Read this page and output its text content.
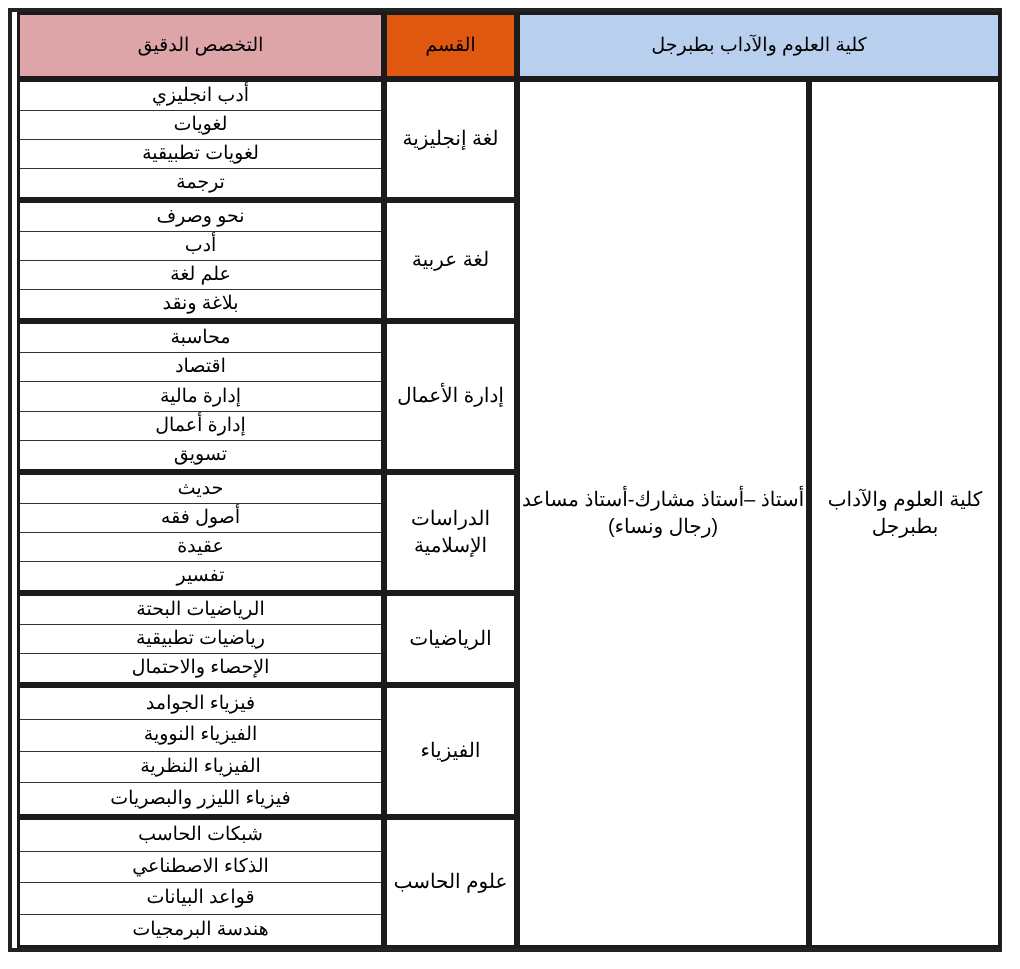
التخصص الدقيق	القسم	كلية العلوم والآداب بطبرجل
لغة إنجليزية
أدب انجليزي
لغويات
لغويات تطبيقية
ترجمة
لغة عربية
نحو وصرف
أدب
علم لغة
بلاغة ونقد
إدارة الأعمال
محاسبة
اقتصاد
إدارة مالية
إدارة أعمال
تسويق
الدراسات
الإسلامية
حديث
أصول فقه
عقيدة
تفسير
الرياضيات
الرياضيات البحتة
رياضيات تطبيقية
الإحصاء والاحتمال
الفيزياء
فيزياء الجوامد
الفيزياء النووية
الفيزياء النظرية
فيزياء الليزر والبصريات
علوم الحاسب
شبكات الحاسب
الذكاء الاصطناعي
قواعد البيانات
هندسة البرمجيات
أستاذ –أستاذ مشارك-أستاذ مساعد
(رجال ونساء)
كلية العلوم والآداب
بطبرجل
